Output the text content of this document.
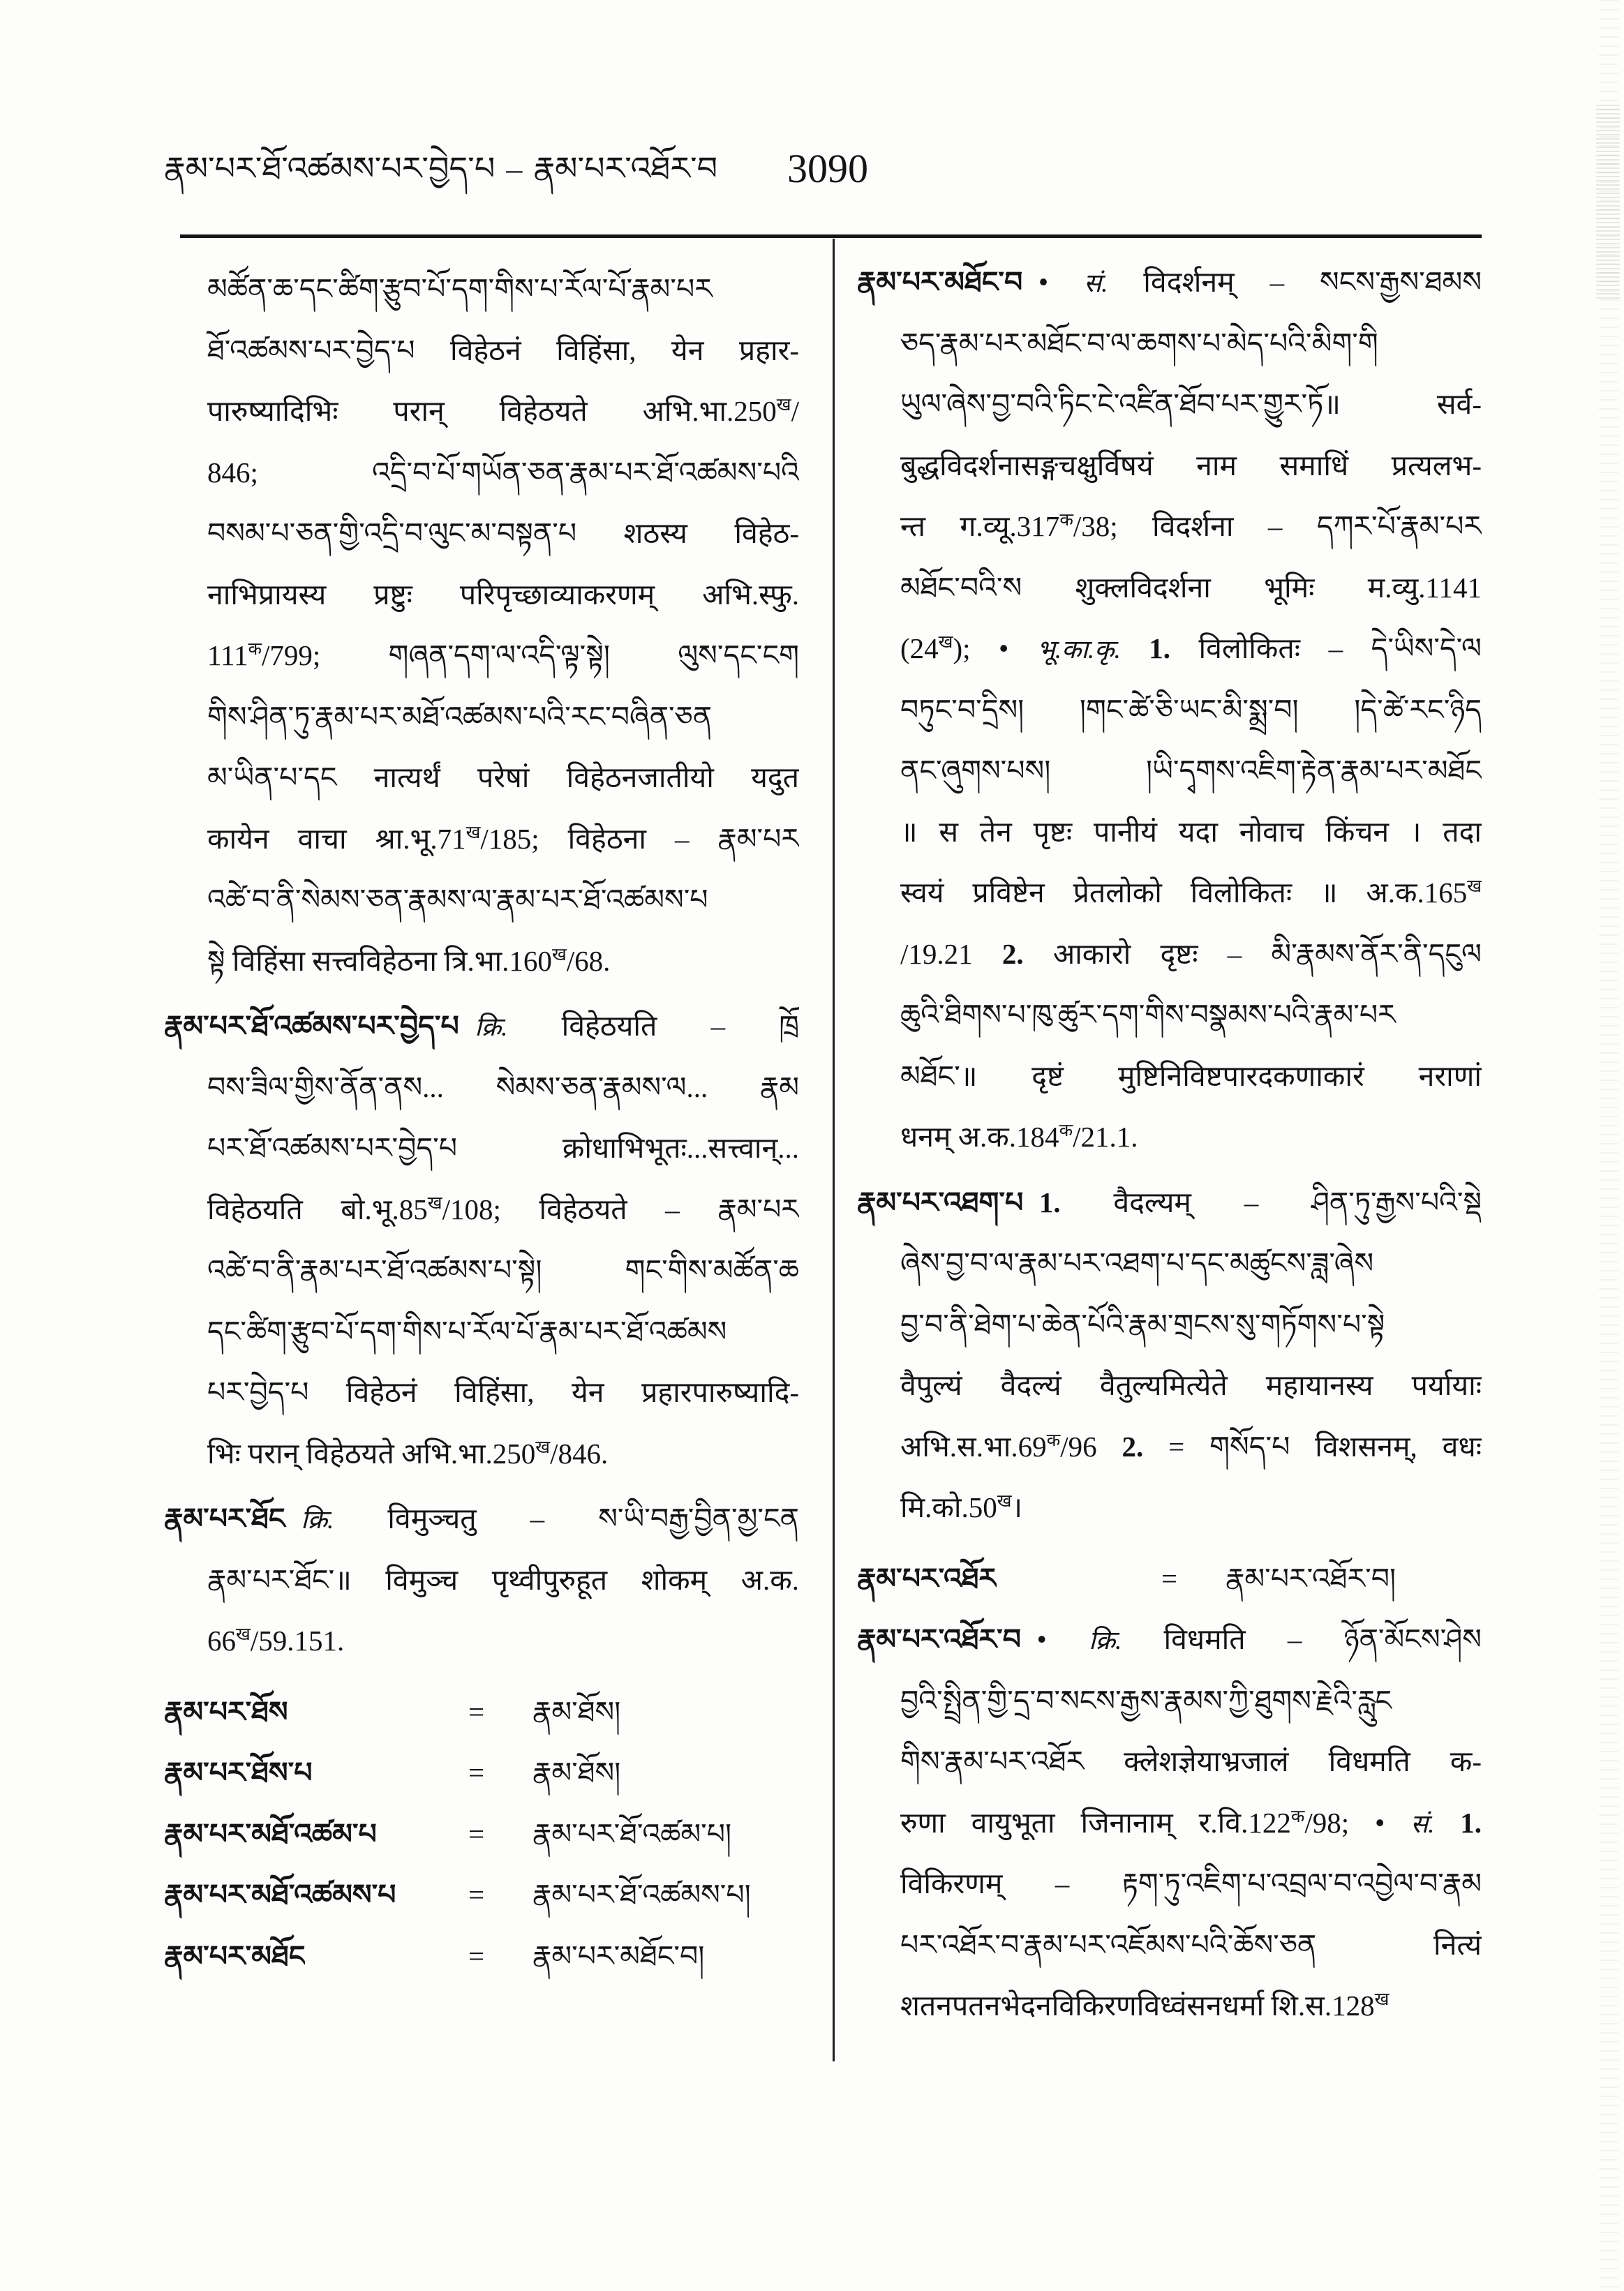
རྣམ་པར་ཐོ་འཚམས་པར་བྱེད་པ – རྣམ་པར་འཐོར་བ 3090
མཚོན་ཆ་དང་ཚིག་རྩུབ་པོ་དག་གིས་པ་རོལ་པོ་རྣམ་པར
ཐོ་འཚམས་པར་བྱེད་པ विहेठनं विहिंसा, येन प्रहार-
पारुष्यादिभिः परान् विहेठयते $अभि.भा.250^ख/$
846; འདྲི་བ་པོ་གཡོན་ཅན་རྣམ་པར་ཐོ་འཚམས་པའི
བསམ་པ་ཅན་གྱི་འདྲི་བ་ལུང་མ་བསྟན་པ शठस्य विहेठ-
नाभिप्रायस्य प्रष्टुः परिपृच्छाव्याकरणम् अभि.स्फु.
$111^क/799$; གཞན་དག་ལ་འདི་ལྟ་སྟེ། ལུས་དང་ངག
གིས་ཤིན་ཏུ་རྣམ་པར་མཐོ་འཚམས་པའི་རང་བཞིན་ཅན
མ་ཡིན་པ་དང नात्यर्थं परेषां विहेठनजातीयो यदुत
कायेन वाचा $श्रा.भू.71^ख/185$; विहेठना – རྣམ་པར
འཚེ་བ་ནི་སེམས་ཅན་རྣམས་ལ་རྣམ་པར་ཐོ་འཚམས་པ
སྟེ विहिंसा सत्त्वविहेठना $त्रि.भा.160^ख/68$.
རྣམ་པར་ཐོ་འཚམས་པར་བྱེད་པ क्रि. विहेठयति – ཁྲོ
བས་ཟིལ་གྱིས་ནོན་ནས... སེམས་ཅན་རྣམས་ལ... རྣམ
པར་ཐོ་འཚམས་པར་བྱེད་པ क्रोधाभिभूतः...सत्त्वान्...
विहेठयति $बो.भू.85^ख/108$; विहेठयते – རྣམ་པར
འཚེ་བ་ནི་རྣམ་པར་ཐོ་འཚམས་པ་སྟེ། གང་གིས་མཚོན་ཆ
དང་ཚིག་རྩུབ་པོ་དག་གིས་པ་རོལ་པོ་རྣམ་པར་ཐོ་འཚམས
པར་བྱེད་པ विहेठनं विहिंसा, येन प्रहारपारुष्यादि-
भिः परान् विहेठयते $अभि.भा.250^ख/846$.
རྣམ་པར་ཐོང क्रि. विमुञ्चतु – ས་ཡི་བརྒྱ་བྱིན་མྱ་ངན
རྣམ་པར་ཐོང་॥ विमुञ्च पृथ्वीपुरुहूत शोकम् अ.क.
$66^ख/59.151$.
རྣམ་པར་ཐོས	= རྣམ་ཐོས།
རྣམ་པར་ཐོས་པ	= རྣམ་ཐོས།
རྣམ་པར་མཐོ་འཚམ་པ	= རྣམ་པར་ཐོ་འཚམ་པ།
རྣམ་པར་མཐོ་འཚམས་པ	= རྣམ་པར་ཐོ་འཚམས་པ།
རྣམ་པར་མཐོང	= རྣམ་པར་མཐོང་བ།
རྣམ་པར་མཐོང་བ • सं. विदर्शनम् – སངས་རྒྱས་ཐམས
ཅད་རྣམ་པར་མཐོང་བ་ལ་ཆགས་པ་མེད་པའི་མིག་གི
ཡུལ་ཞེས་བྱ་བའི་ཏིང་ངེ་འཛིན་ཐོབ་པར་གྱུར་ཏོ॥ सर्व-
बुद्धविदर्शनासङ्गचक्षुर्विषयं नाम समाधिं प्रत्यलभ-
न्त $ग.व्यू.317^क/38$; विदर्शना – དཀར་པོ་རྣམ་པར
མཐོང་བའི་ས शुक्लविदर्शना भूमिः म.व्यु.1141
$(24^ख)$; • भू.का.कृ. 1. विलोकितः – དེ་ཡིས་དེ་ལ
བཏུང་བ་དྲིས། །གང་ཚེ་ཅི་ཡང་མི་སྨྲ་བ། །དེ་ཚེ་རང་ཉིད
ནང་ཞུགས་པས། །ཡི་དྭགས་འཇིག་རྟེན་རྣམ་པར་མཐོང
॥ स तेन पृष्टः पानीयं यदा नोवाच किंचन । तदा
स्वयं प्रविष्टेन प्रेतलोको विलोकितः ॥ $अ.क.165^ख$
/19.21 2. आकारो दृष्टः – མི་རྣམས་ནོར་ནི་དངུལ
ཆུའི་ཐིགས་པ་ཁུ་ཚུར་དག་གིས་བསྣམས་པའི་རྣམ་པར
མཐོང་॥ दृष्टं मुष्टिनिविष्टपारदकणाकारं नराणां
धनम् $अ.क.184^क/21.1$.
རྣམ་པར་འཐག་པ 1. वैदल्यम् – ཤིན་ཏུ་རྒྱས་པའི་སྡེ
ཞེས་བྱ་བ་ལ་རྣམ་པར་འཐག་པ་དང་མཚུངས་ཟླ་ཞེས
བྱ་བ་ནི་ཐེག་པ་ཆེན་པོའི་རྣམ་གྲངས་སུ་གཏོགས་པ་སྟེ
वैपुल्यं वैदल्यं वैतुल्यमित्येते महायानस्य पर्यायाः
$अभि.स.भा.69^क/96$ 2. = གསོད་པ विशसनम्, वधः
$मि.को.50^ख।$
རྣམ་པར་འཐོར	= རྣམ་པར་འཐོར་བ།
རྣམ་པར་འཐོར་བ • क्रि. विधमति – ཉོན་མོངས་ཤེས
བྱའི་སྤྲིན་གྱི་དྲ་བ་སངས་རྒྱས་རྣམས་ཀྱི་ཐུགས་རྗེའི་རླུང
གིས་རྣམ་པར་འཐོར क्लेशज्ञेयाभ्रजालं विधमति क-
रुणा वायुभूता जिनानाम् $र.वि.122^क/98$; • सं. 1.
विकिरणम् – རྟག་ཏུ་འཇིག་པ་འབྲལ་བ་འབྱེལ་བ་རྣམ
པར་འཐོར་བ་རྣམ་པར་འཇོམས་པའི་ཆོས་ཅན नित्यं
शतनपतनभेदनविकिरणविध्वंसनधर्मा $शि.स.128^ख$
